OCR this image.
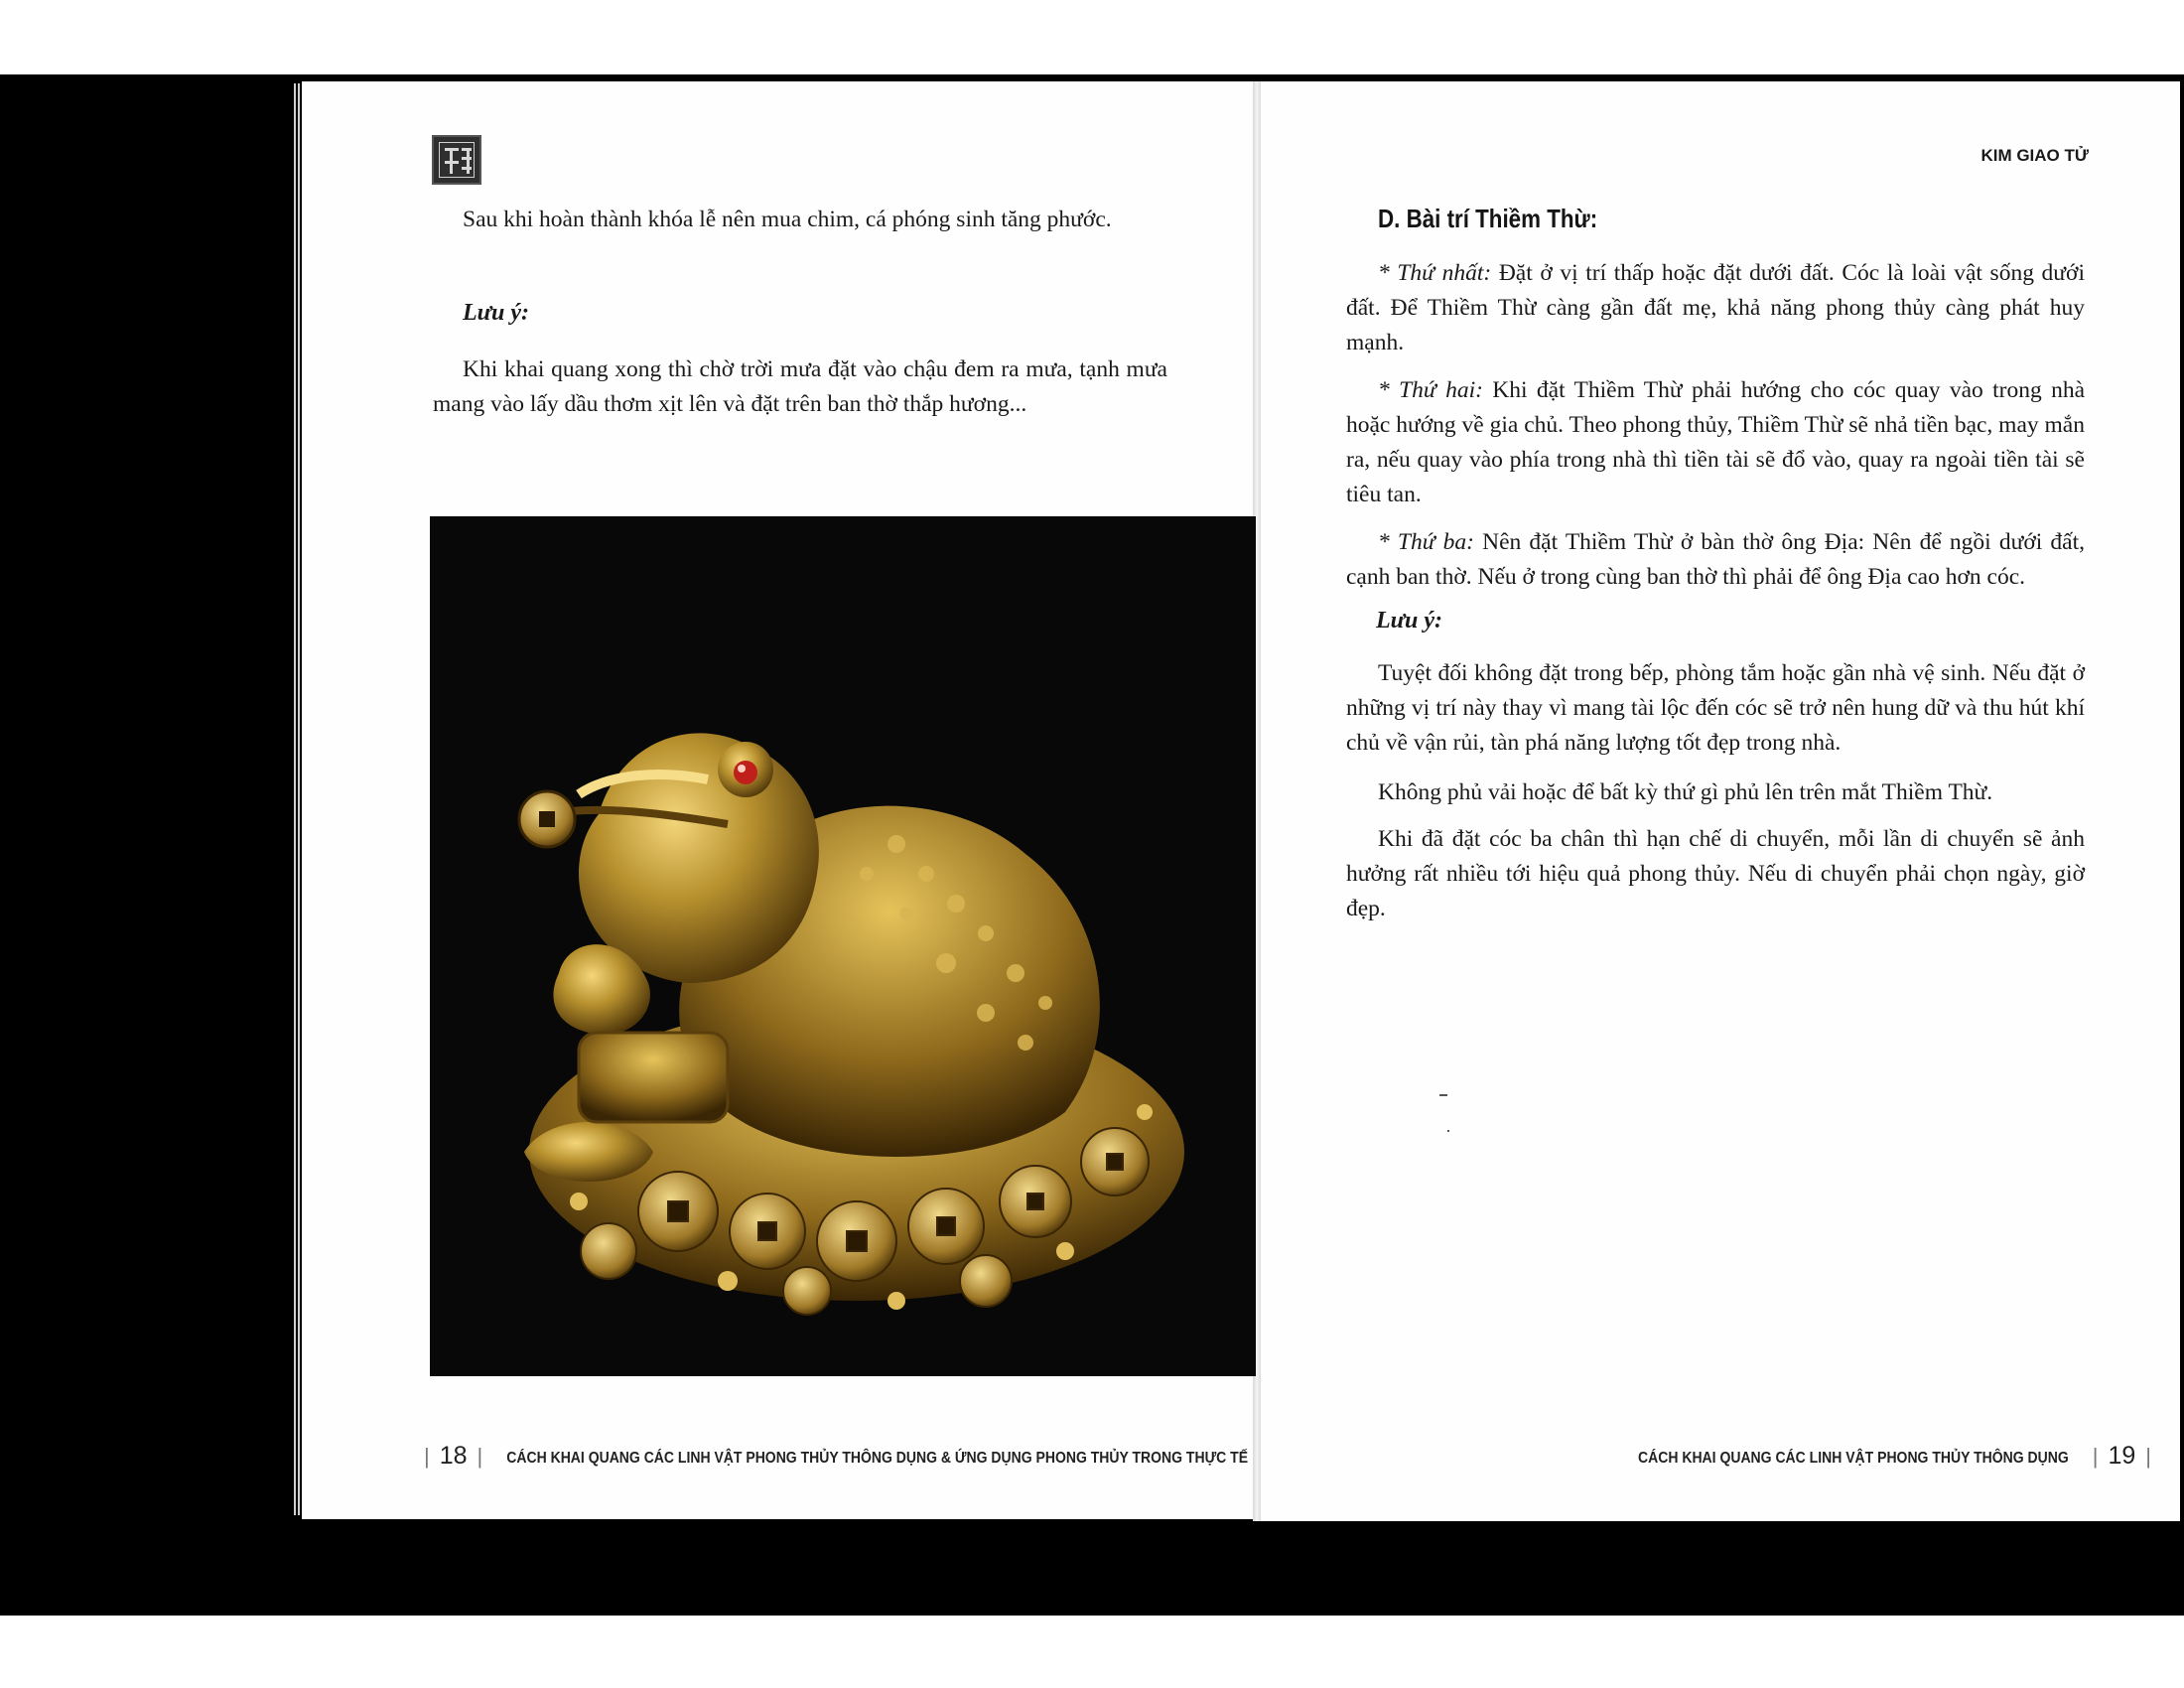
Sau khi hoàn thành khóa lễ nên mua chim, cá phóng sinh tăng phước.

Lưu ý:

Khi khai quang xong thì chờ trời mưa đặt vào chậu đem ra mưa, tạnh mưa mang vào lấy dầu thơm xịt lên và đặt trên ban thờ thắp hương...

| 18 | CÁCH KHAI QUANG CÁC LINH VẬT PHONG THỦY THÔNG DỤNG & ỨNG DỤNG PHONG THỦY TRONG THỰC TẾ
KIM GIAO TỬ
D. Bài trí Thiềm Thừ:

* Thứ nhất: Đặt ở vị trí thấp hoặc đặt dưới đất. Cóc là loài vật sống dưới đất. Để Thiềm Thừ càng gần đất mẹ, khả năng phong thủy càng phát huy mạnh.

* Thứ hai: Khi đặt Thiềm Thừ phải hướng cho cóc quay vào trong nhà hoặc hướng về gia chủ. Theo phong thủy, Thiềm Thừ sẽ nhả tiền bạc, may mắn ra, nếu quay vào phía trong nhà thì tiền tài sẽ đổ vào, quay ra ngoài tiền tài sẽ tiêu tan.

* Thứ ba: Nên đặt Thiềm Thừ ở bàn thờ ông Địa: Nên để ngồi dưới đất, cạnh ban thờ. Nếu ở trong cùng ban thờ thì phải để ông Địa cao hơn cóc.

Lưu ý:

Tuyệt đối không đặt trong bếp, phòng tắm hoặc gần nhà vệ sinh. Nếu đặt ở những vị trí này thay vì mang tài lộc đến cóc sẽ trở nên hung dữ và thu hút khí chủ về vận rủi, tàn phá năng lượng tốt đẹp trong nhà.

Không phủ vải hoặc để bất kỳ thứ gì phủ lên trên mắt Thiềm Thừ.

Khi đã đặt cóc ba chân thì hạn chế di chuyển, mỗi lần di chuyển sẽ ảnh hưởng rất nhiều tới hiệu quả phong thủy. Nếu di chuyển phải chọn ngày, giờ đẹp.

CÁCH KHAI QUANG CÁC LINH VẬT PHONG THỦY THÔNG DỤNG | 19 |
